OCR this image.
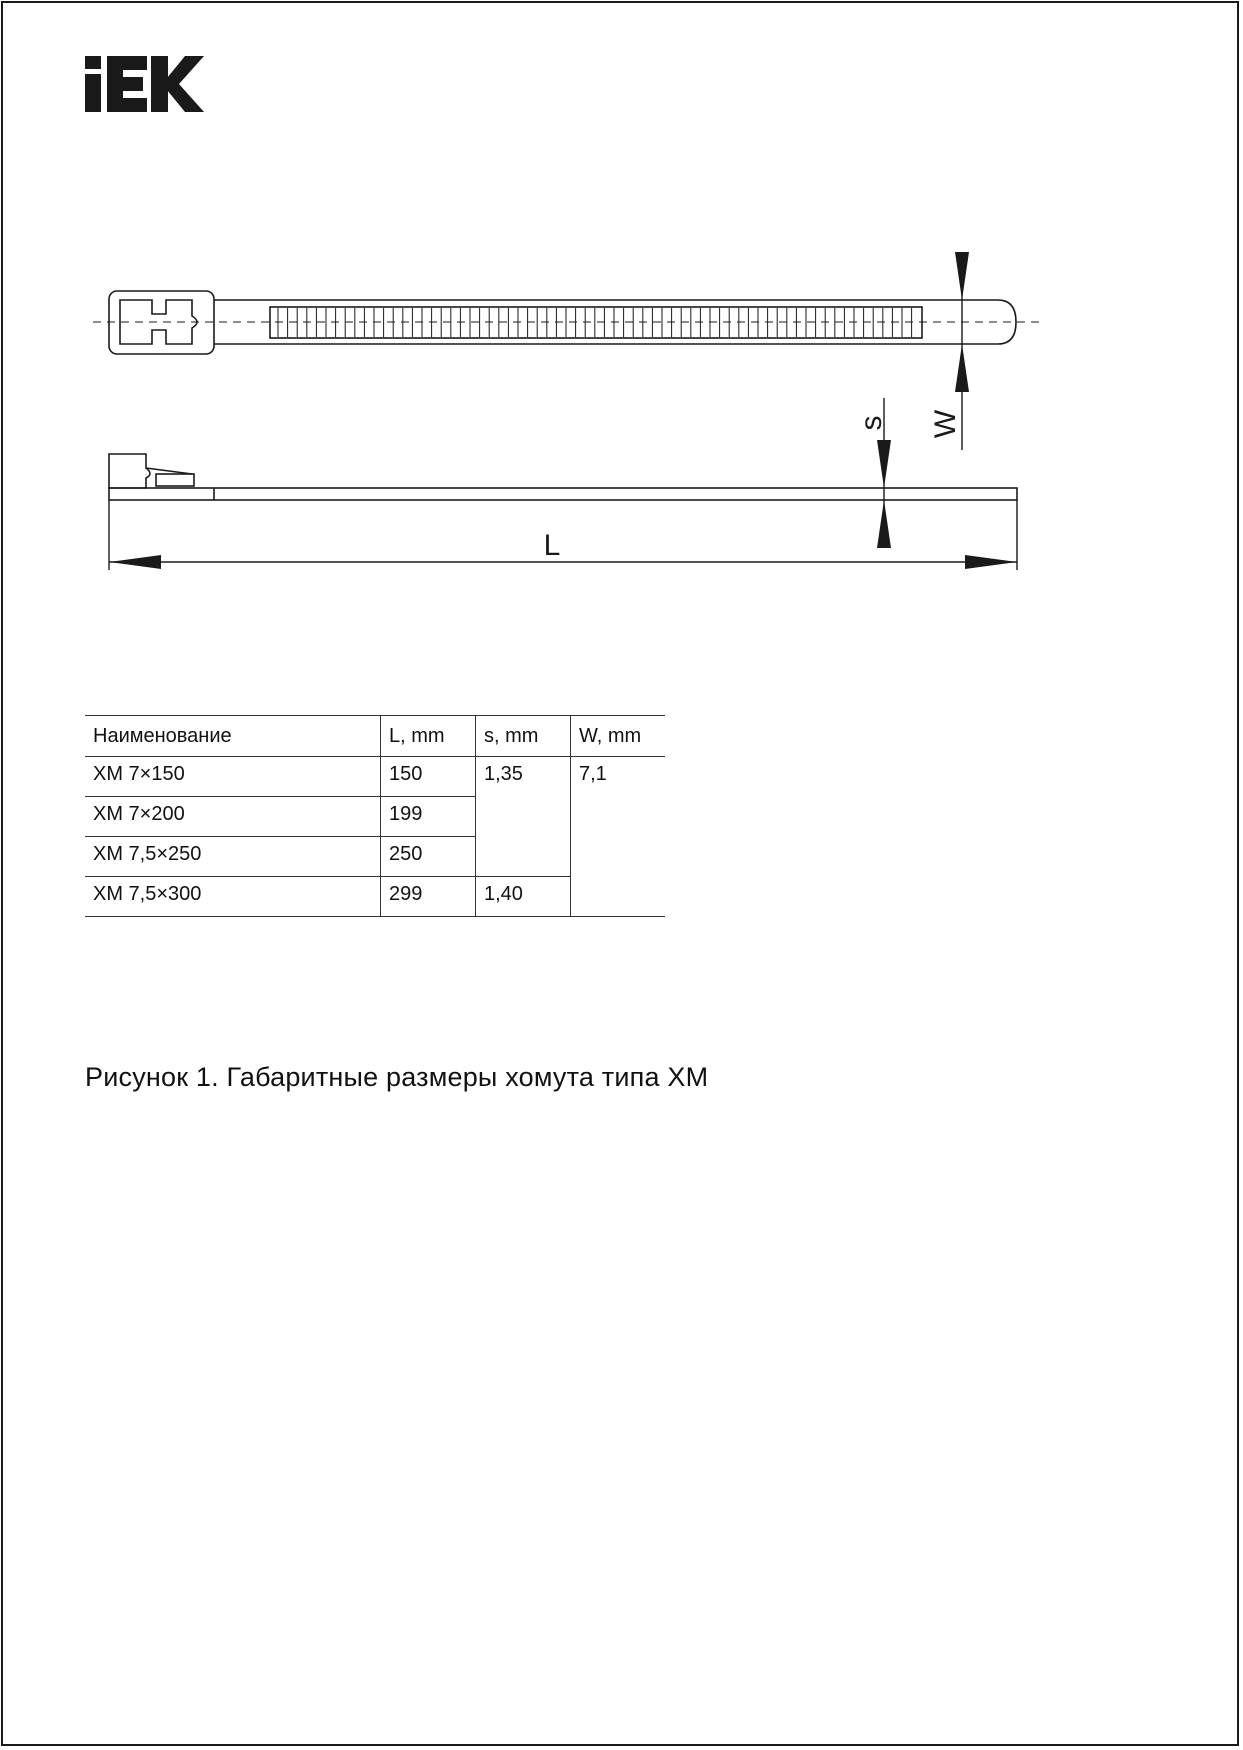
W
s
L
Наименование	L, mm	s, mm	W, mm
ХМ 7×150	150	1,35	7,1
ХМ 7×200	199		
ХМ 7,5×250	250		
ХМ 7,5×300	299	1,40	
Рисунок 1. Габаритные размеры хомута типа ХМ
